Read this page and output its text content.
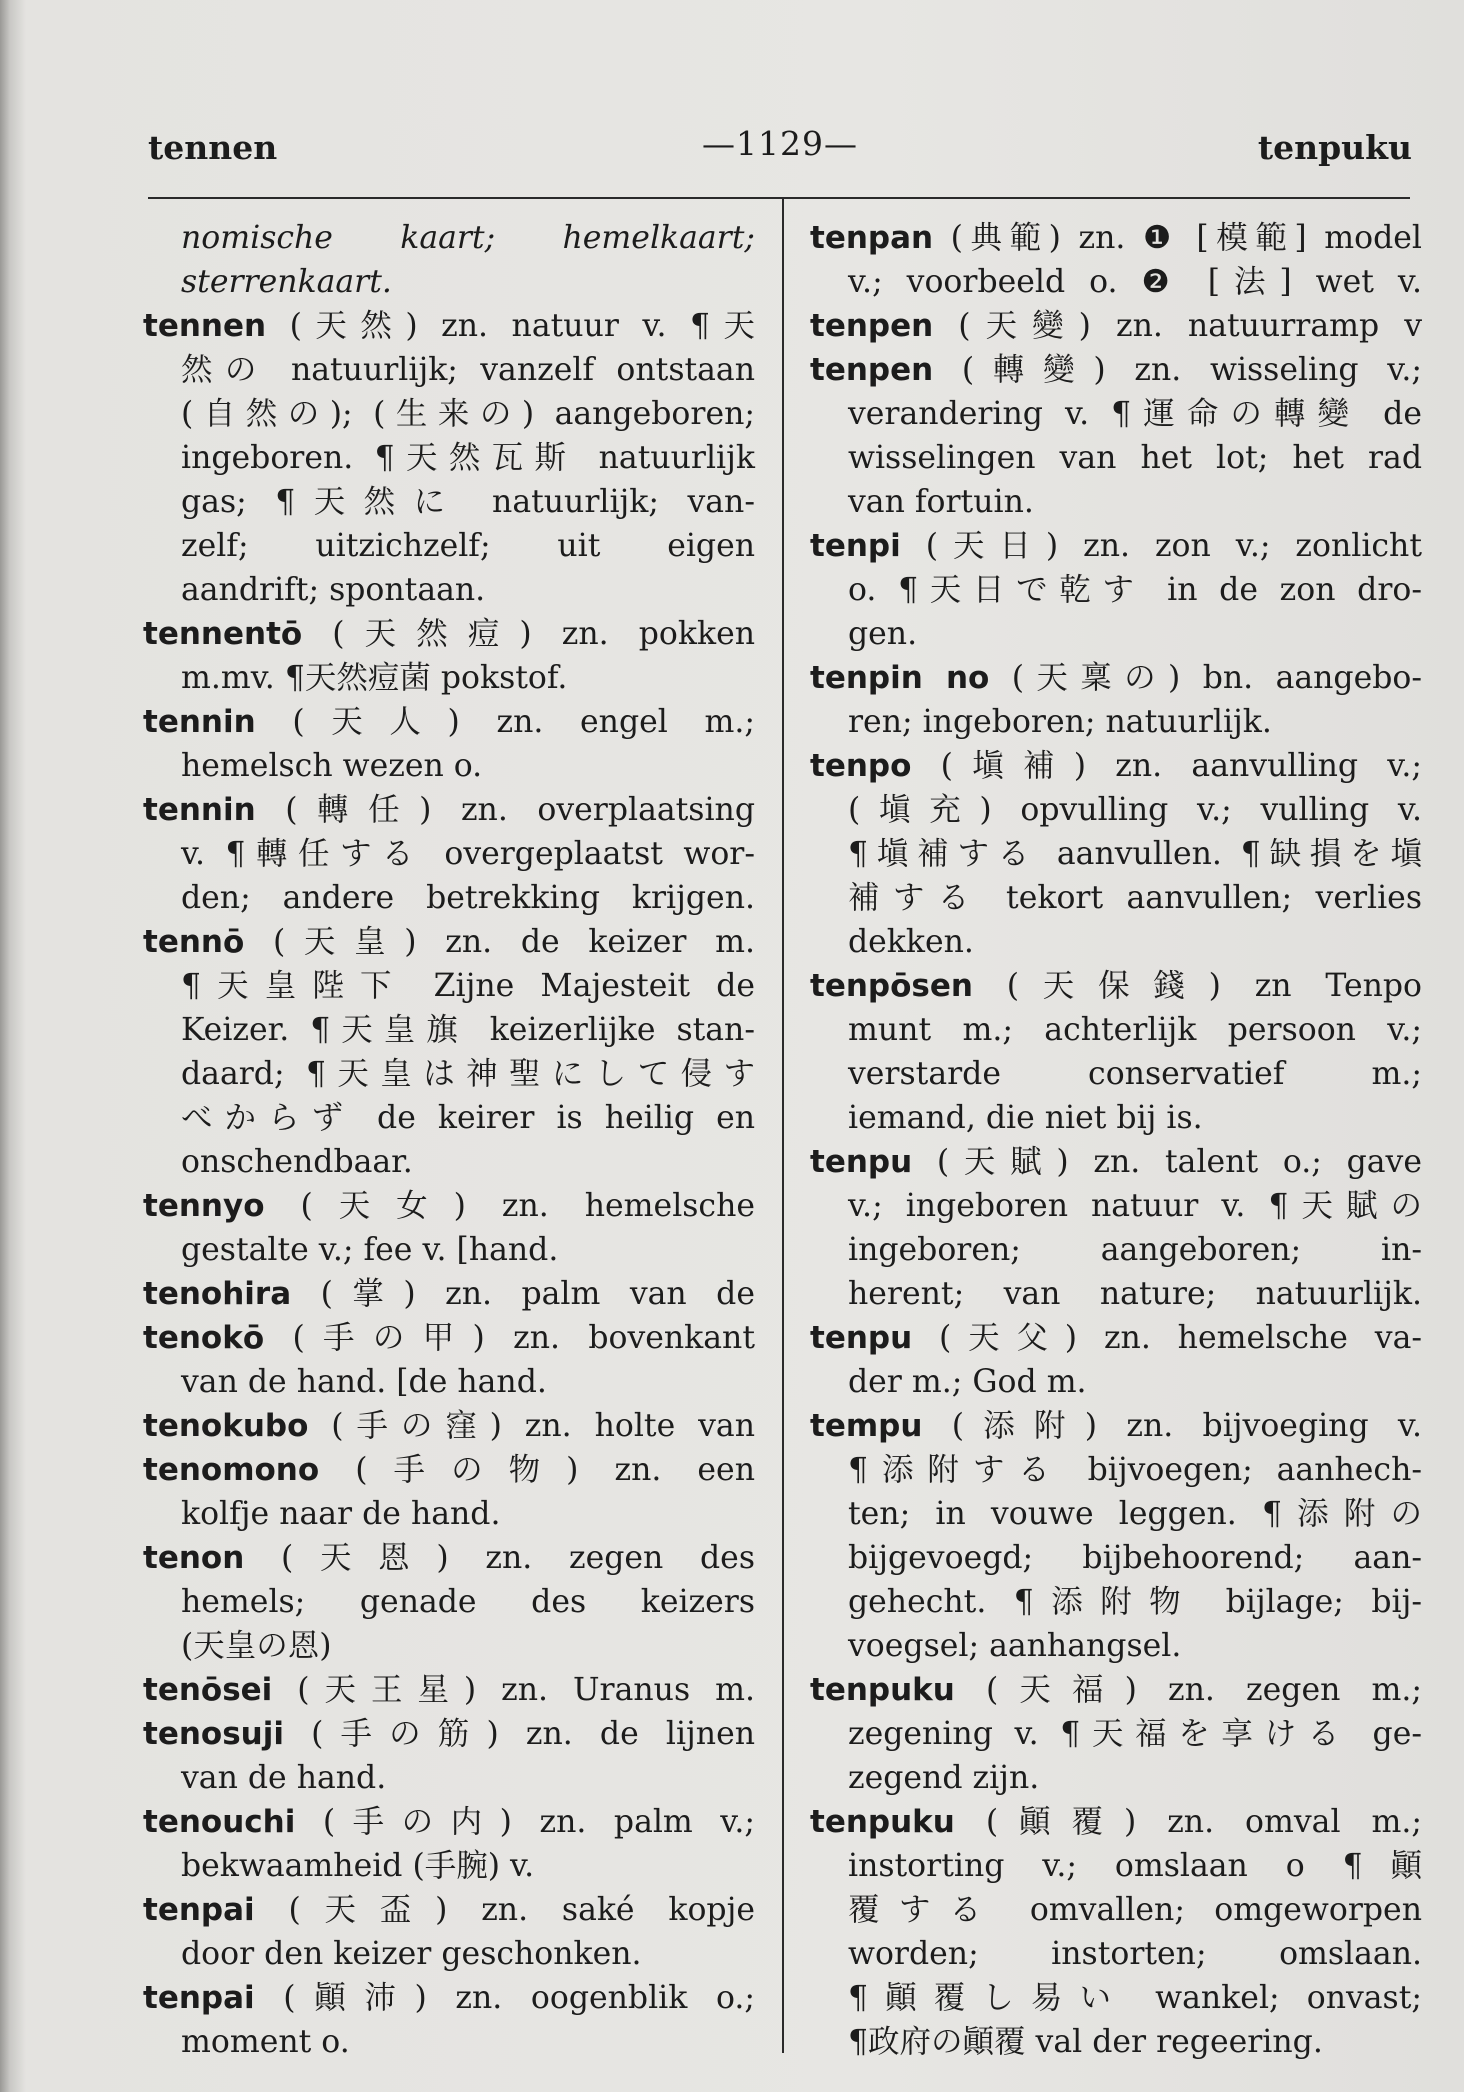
tennen	—1129—	tenpuku
nomische kaart; hemelkaart;
sterrenkaart.
tennen (天然) zn. natuur v. ¶天
然の natuurlijk; vanzelf ontstaan
(自然の); (生来の) aangeboren;
ingeboren. ¶天然瓦斯 natuurlijk
gas; ¶天然に natuurlijk; van-
zelf; uitzichzelf; uit eigen
aandrift; spontaan.
tennentō (天然痘) zn. pokken
m.mv. ¶天然痘菌 pokstof.
tennin (天人) zn. engel m.;
hemelsch wezen o.
tennin (轉任) zn. overplaatsing
v. ¶轉任する overgeplaatst wor-
den; andere betrekking krijgen.
tennō (天皇) zn. de keizer m.
¶天皇陛下 Zijne Majesteit de
Keizer. ¶天皇旗 keizerlijke stan-
daard; ¶天皇は神聖にして侵す
べからず de keirer is heilig en
onschendbaar.
tennyo (天女) zn. hemelsche
gestalte v.; fee v. [hand.
tenohira (掌) zn. palm van de
tenokō (手の甲) zn. bovenkant
van de hand. [de hand.
tenokubo (手の窪) zn. holte van
tenomono (手の物) zn. een
kolfje naar de hand.
tenon (天恩) zn. zegen des
hemels; genade des keizers
(天皇の恩)
tenōsei (天王星) zn. Uranus m.
tenosuji (手の筋) zn. de lijnen
van de hand.
tenouchi (手の内) zn. palm v.;
bekwaamheid (手腕) v.
tenpai (天盃) zn. saké kopje
door den keizer geschonken.
tenpai (顚沛) zn. oogenblik o.;
moment o.
tenpan (典範) zn. ❶ [模範] model
v.; voorbeeld o. ❷ [法] wet v.
tenpen (天變) zn. natuurramp v
tenpen (轉變) zn. wisseling v.;
verandering v. ¶運命の轉變 de
wisselingen van het lot; het rad
van fortuin.
tenpi (天日) zn. zon v.; zonlicht
o. ¶天日で乾す in de zon dro-
gen.
tenpin no (天稟の) bn. aangebo-
ren; ingeboren; natuurlijk.
tenpo (塡補) zn. aanvulling v.;
(塡充) opvulling v.; vulling v.
¶塡補する aanvullen. ¶缺損を塡
補する tekort aanvullen; verlies
dekken.
tenpōsen (天保錢) zn Tenpo
munt m.; achterlijk persoon v.;
verstarde conservatief m.;
iemand, die niet bij is.
tenpu (天賦) zn. talent o.; gave
v.; ingeboren natuur v. ¶天賦の
ingeboren; aangeboren; in-
herent; van nature; natuurlijk.
tenpu (天父) zn. hemelsche va-
der m.; God m.
tempu (添附) zn. bijvoeging v.
¶添附する bijvoegen; aanhech-
ten; in vouwe leggen. ¶添附の
bijgevoegd; bijbehoorend; aan-
gehecht. ¶添附物 bijlage; bij-
voegsel; aanhangsel.
tenpuku (天福) zn. zegen m.;
zegening v. ¶天福を享ける ge-
zegend zijn.
tenpuku (顚覆) zn. omval m.;
instorting v.; omslaan o ¶顚
覆する omvallen; omgeworpen
worden; instorten; omslaan.
¶顚覆し易い wankel; onvast;
¶政府の顚覆 val der regeering.
